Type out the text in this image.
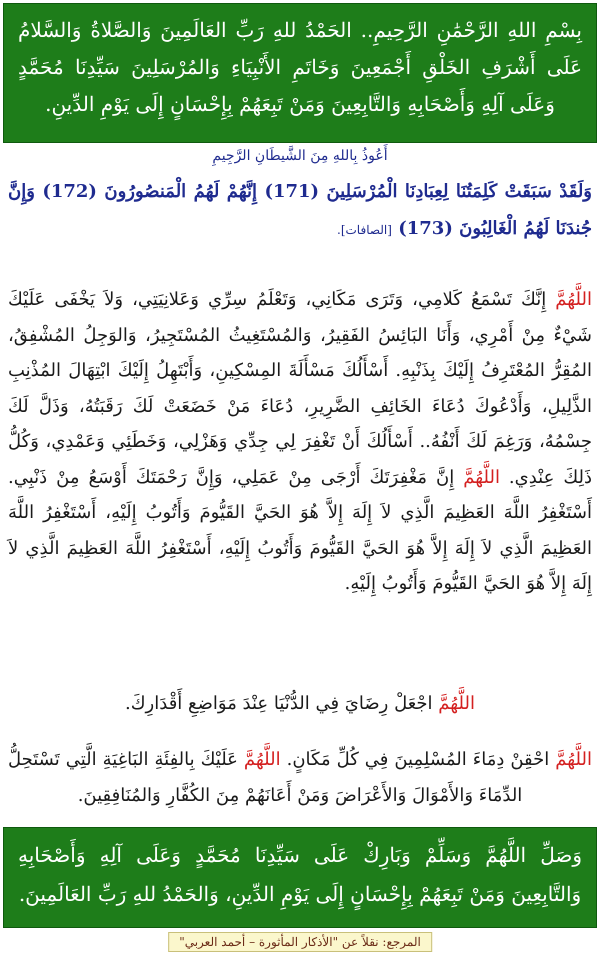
بِسْمِ اللهِ الرَّحْمَٰنِ الرَّحِيمِ.. الحَمْدُ للهِ رَبِّ العَالَمِينَ وَالصَّلاةُ وَالسَّلامُ عَلَى أَشْرَفِ الخَلْقِ أَجْمَعِينَ وَخَاتَمِ الأَنْبِيَاءِ وَالمُرْسَلِينَ سَيِّدِنَا مُحَمَّدٍ وَعَلَى آلِهِ وَأَصْحَابِهِ وَالتَّابِعِينَ وَمَنْ تَبِعَهُمْ بِإِحْسَانٍ إِلَى يَوْمِ الدِّينِ.
أَعُوذُ بِاللهِ مِنَ الشَّيطَانِ الرَّجِيمِ
وَلَقَدْ سَبَقَتْ كَلِمَتُنَا لِعِبَادِنَا الْمُرْسَلِينَ (171) إِنَّهُمْ لَهُمُ الْمَنصُورُونَ (172) وَإِنَّ جُندَنَا لَهُمُ الْغَالِبُونَ (173) [الصافات].
اللَّهُمَّ إِنَّكَ تَسْمَعُ كَلامِي، وَتَرَى مَكَانِي، وَتَعْلَمُ سِرِّي وَعَلانِيَتِي، وَلاَ يَخْفَى عَلَيْكَ شَيْءٌ مِنْ أَمْرِي، وَأَنَا البَائِسُ الفَقِيرُ، وَالمُسْتَغِيثُ المُسْتَجِيرُ، وَالوَجِلُ المُشْفِقُ، المُقِرُّ المُعْتَرِفُ إِلَيْكَ بِذَنْبِهِ. أَسْأَلُكَ مَسْأَلَةَ المِسْكِينِ، وَأَبْتَهِلُ إِلَيْكَ ابْتِهَالَ المُذْنِبِ الذَّلِيلِ، وَأَدْعُوكَ دُعَاءَ الخَائِفِ الضَّرِيرِ، دُعَاءَ مَنْ خَضَعَتْ لَكَ رَقَبَتُهُ، وَذَلَّ لَكَ جِسْمُهُ، وَرَغِمَ لَكَ أَنْفُهُ.. أَسْأَلُكَ أَنْ تَغْفِرَ لِي جِدِّي وَهَزْلِي، وَخَطَئِي وَعَمْدِي، وَكُلُّ ذَلِكَ عِنْدِي. اللَّهُمَّ إِنَّ مَغْفِرَتَكَ أَرْجَى مِنْ عَمَلِي، وَإِنَّ رَحْمَتَكَ أَوْسَعُ مِنْ ذَنْبِي. أَسْتَغْفِرُ اللَّهَ العَظِيمَ الَّذِي لاَ إِلَهَ إِلاَّ هُوَ الحَيَّ القَيُّومَ وَأَتُوبُ إِلَيْهِ، أَسْتَغْفِرُ اللَّهَ العَظِيمَ الَّذِي لاَ إِلَهَ إِلاَّ هُوَ الحَيَّ القَيُّومَ وَأَتُوبُ إِلَيْهِ، أَسْتَغْفِرُ اللَّهَ العَظِيمَ الَّذِي لاَ إِلَهَ إِلاَّ هُوَ الحَيَّ القَيُّومَ وَأَتُوبُ إِلَيْهِ.
اللَّهُمَّ اجْعَلْ رِضَايَ فِي الدُّنْيَا عِنْدَ مَوَاضِعِ أَقْدَارِكَ.
اللَّهُمَّ احْقِنْ دِمَاءَ المُسْلِمِينَ فِي كُلِّ مَكَانٍ. اللَّهُمَّ عَلَيْكَ بِالفِئَةِ البَاغِيَةِ الَّتِي تَسْتَحِلُّ الدِّمَاءَ وَالأَمْوَالَ وَالأَعْرَاضَ وَمَنْ أَعَانَهُمْ مِنَ الكُفَّارِ وَالمُنَافِقِينَ.
وَصَلِّ اللَّهُمَّ وَسَلِّمْ وَبَارِكْ عَلَى سَيِّدِنَا مُحَمَّدٍ وَعَلَى آلِهِ وَأَصْحَابِهِ وَالتَّابِعِينَ وَمَنْ تَبِعَهُمْ بِإِحْسَانٍ إِلَى يَوْمِ الدِّينِ، وَالحَمْدُ للهِ رَبِّ العَالَمِينَ.
المرجع: نقلاً عن "الأذكار المأثورة – أحمد العربي"
